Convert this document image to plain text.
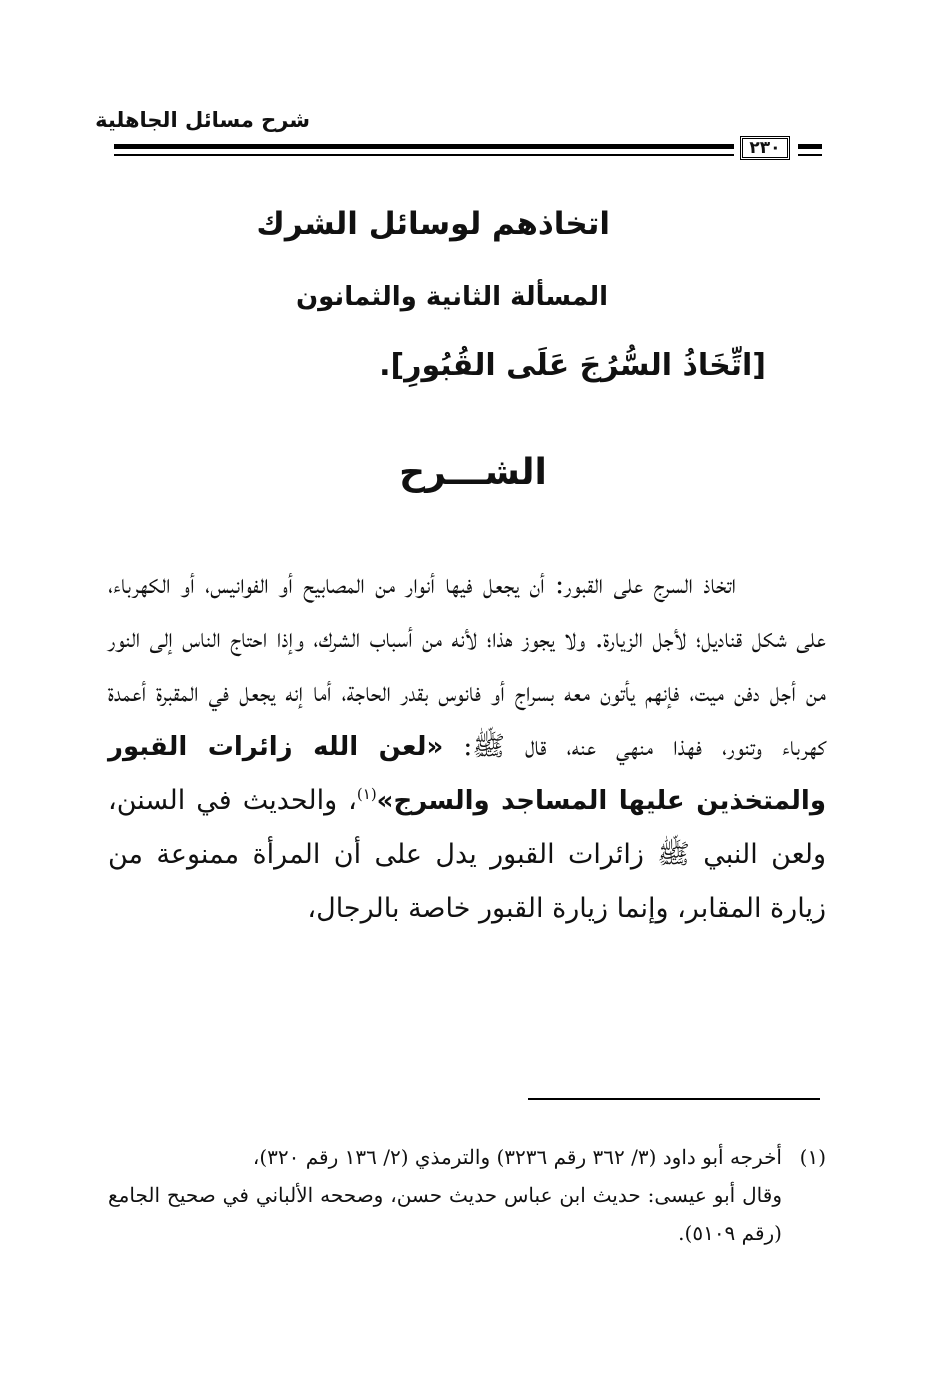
شرح مسائل الجاهلية
٢٣٠
اتخاذهم لوسائل الشرك
المسألة الثانية والثمانون
[اتِّخَاذُ السُّرُجَ عَلَى القُبُورِ].
الشـــرح

اتخاذ السرج على القبور: أن يجعل فيها أنوار من المصابيح أو الفوانيس، أو الكهرباء، على شكل قناديل؛ لأجل الزيارة. ولا يجوز هذا؛ لأنه من أسباب الشرك، وإذا احتاج الناس إلى النور من أجل دفن ميت، فإنهم يأتون معه بسراج أو فانوس بقدر الحاجة، أما إنه يجعل في المقبرة أعمدة كهرباء وتنور، فهذا منهي عنه، قال ﷺ: «لعن الله زائرات القبور والمتخذين عليها المساجد والسرج»$^{(١)}$، والحديث في السنن، ولعن النبي ﷺ زائرات القبور يدل على أن المرأة ممنوعة من زيارة المقابر، وإنما زيارة القبور خاصة بالرجال،

(١)أخرجه أبو داود (٣/ ٣٦٢ رقم ٣٢٣٦) والترمذي (٢/ ١٣٦ رقم ٣٢٠)،
وقال أبو عيسى: حديث ابن عباس حديث حسن، وصححه الألباني في صحيح الجامع (رقم ٥١٠٩).
